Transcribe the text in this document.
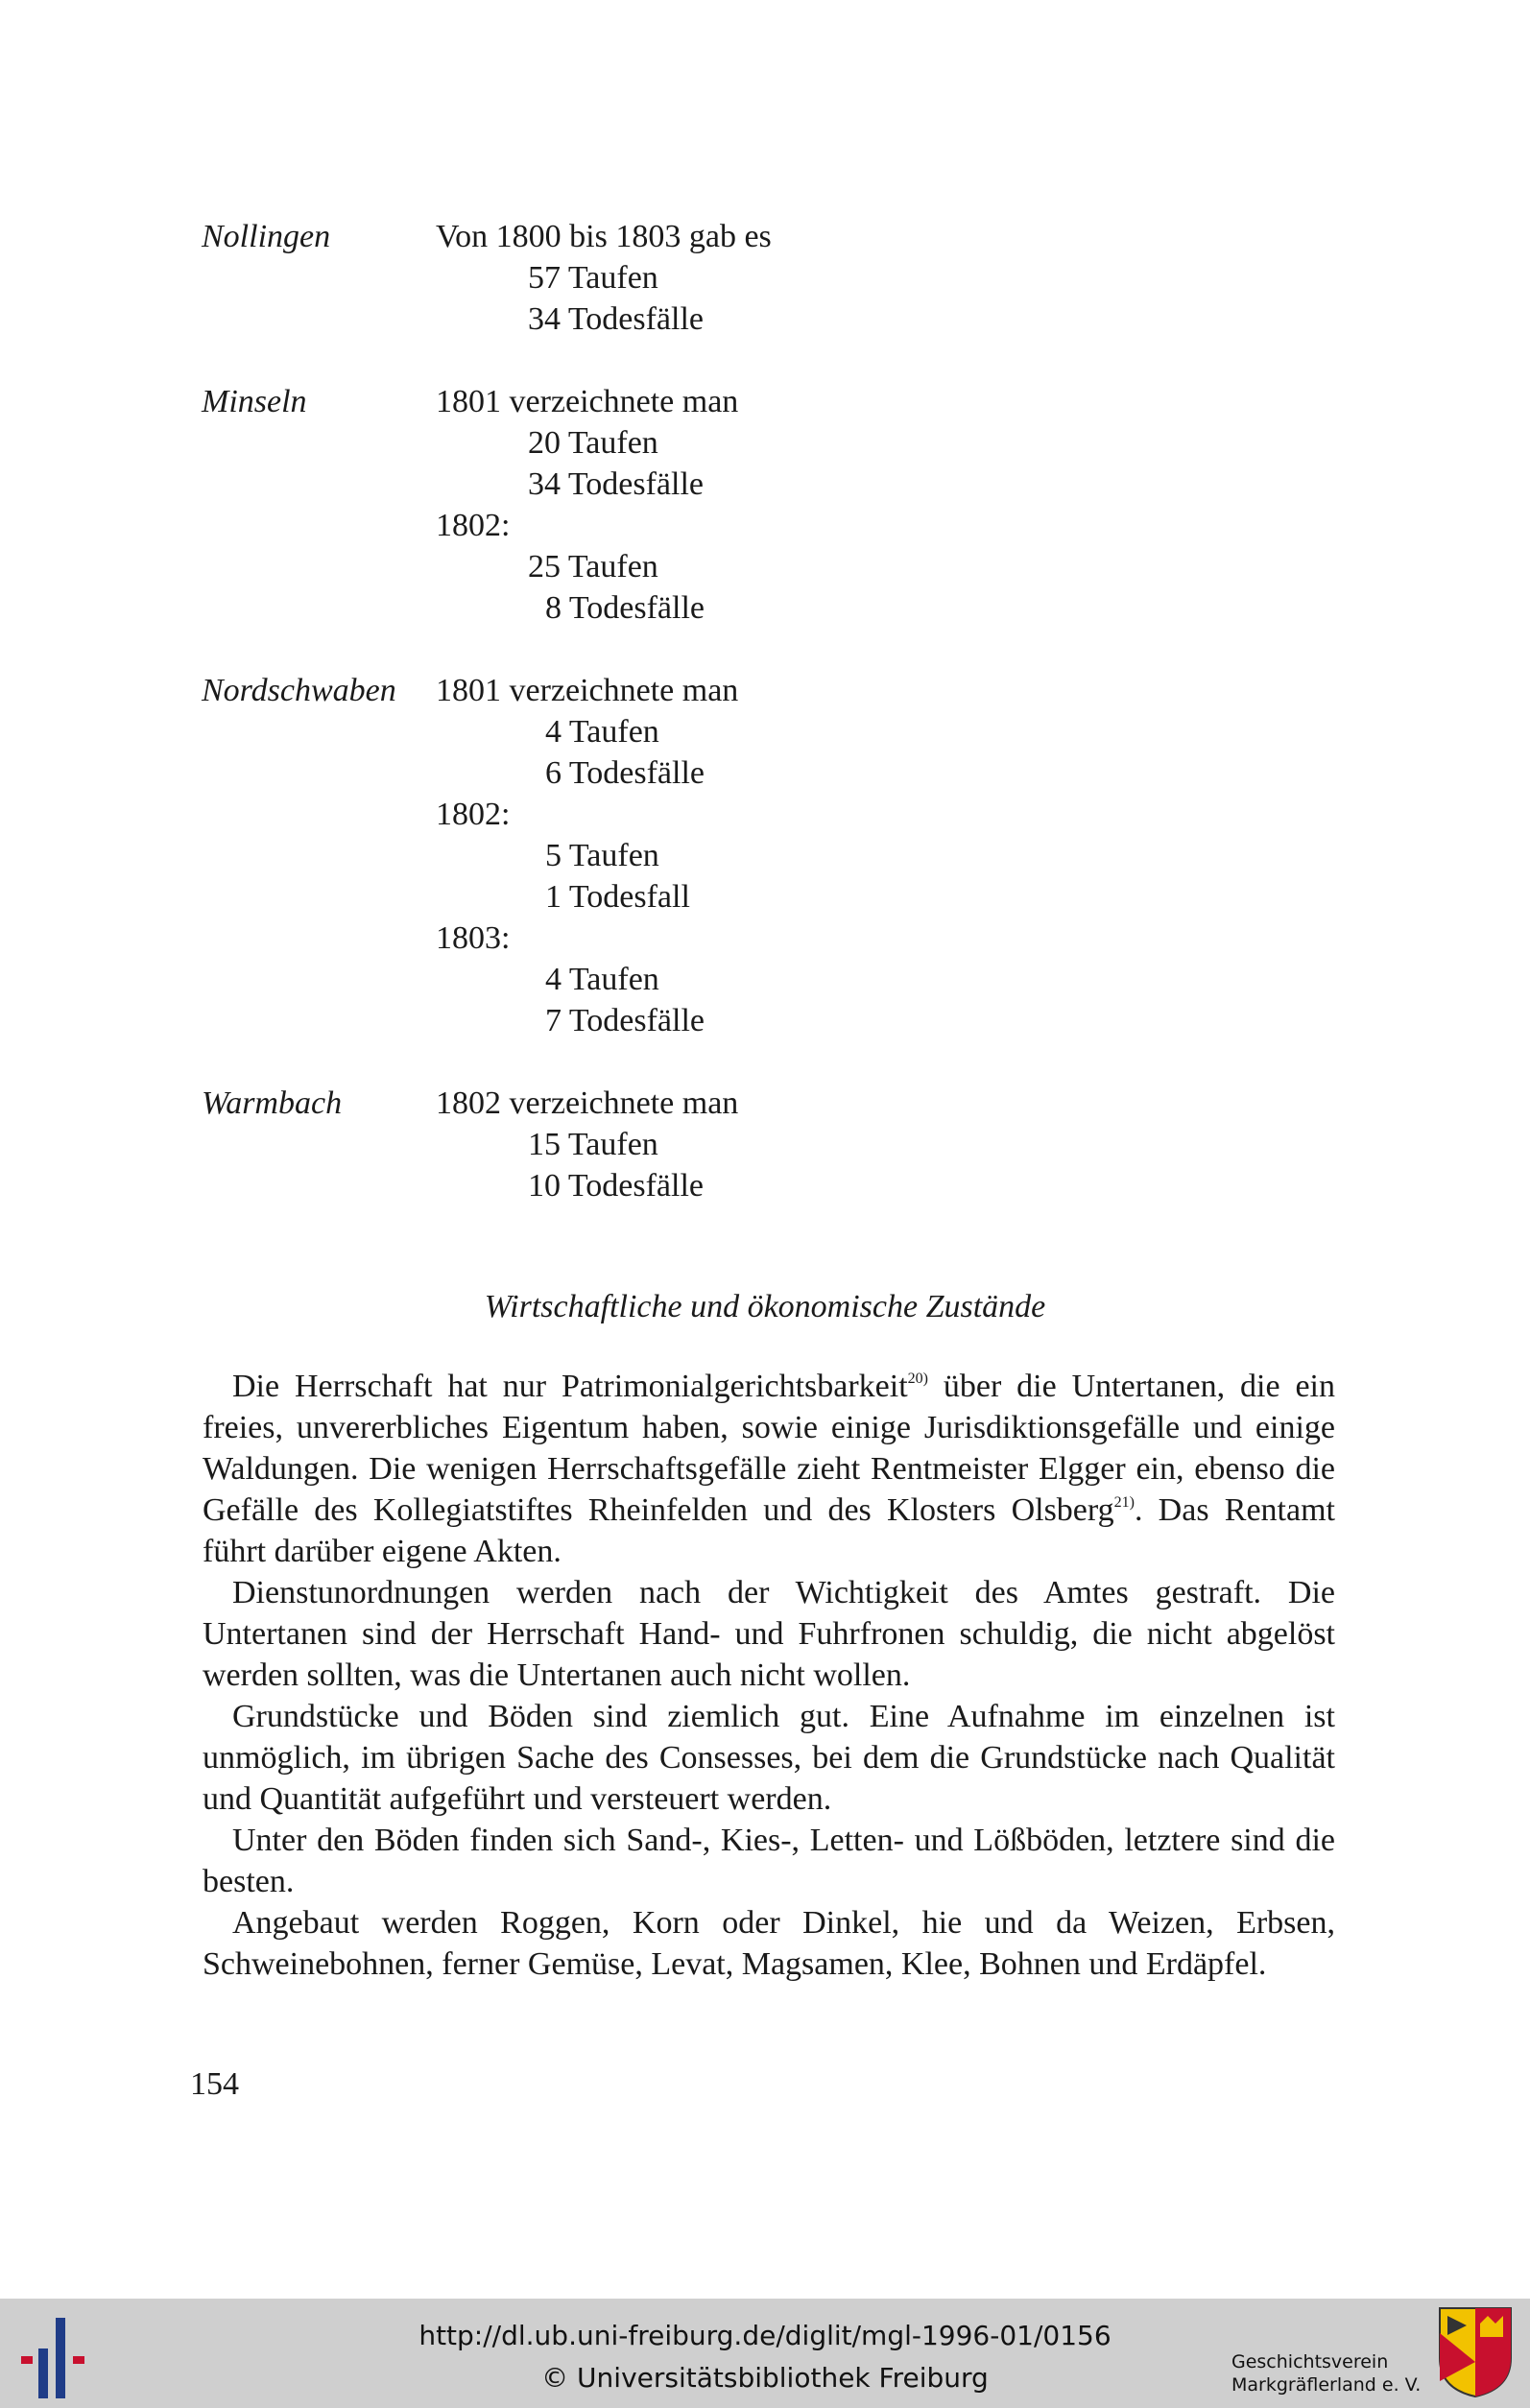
Nollingen	Von 1800 bis 1803 gab es
57 Taufen
34 Todesfälle
Minseln	1801 verzeichnete man
20 Taufen
34 Todesfälle
1802:
25 Taufen
8 Todesfälle
Nordschwaben 1801 verzeichnete man
4 Taufen
6 Todesfälle
1802:
5 Taufen
1 Todesfall
1803:
4 Taufen
7 Todesfälle
Warmbach	1802 verzeichnete man
15 Taufen
10 Todesfälle
Wirtschaftliche und ökonomische Zustände

Die Herrschaft hat nur Patrimonialgerichtsbarkeit$^{20)}$ über die Untertanen, die ein freies, unvererbliches Eigentum haben, sowie einige Jurisdiktionsgefälle und einige Waldungen. Die wenigen Herrschaftsgefälle zieht Rentmeister Elgger ein, ebenso die Gefälle des Kollegiatstiftes Rheinfelden und des Klosters Olsberg$^{21)}$. Das Rentamt führt darüber eigene Akten.

Dienstunordnungen werden nach der Wichtigkeit des Amtes gestraft. Die Untertanen sind der Herrschaft Hand- und Fuhrfronen schuldig, die nicht abgelöst werden sollten, was die Untertanen auch nicht wollen.

Grundstücke und Böden sind ziemlich gut. Eine Aufnahme im einzelnen ist unmöglich, im übrigen Sache des Consesses, bei dem die Grundstücke nach Qualität und Quantität aufgeführt und versteuert werden.

Unter den Böden finden sich Sand-, Kies-, Letten- und Lößböden, letztere sind die besten.

Angebaut werden Roggen, Korn oder Dinkel, hie und da Weizen, Erbsen, Schweinebohnen, ferner Gemüse, Levat, Magsamen, Klee, Bohnen und Erdäpfel.

154
http://dl.ub.uni-freiburg.de/diglit/mgl-1996-01/0156
© Universitätsbibliothek Freiburg	Geschichtsverein
Markgräflerland e. V.
